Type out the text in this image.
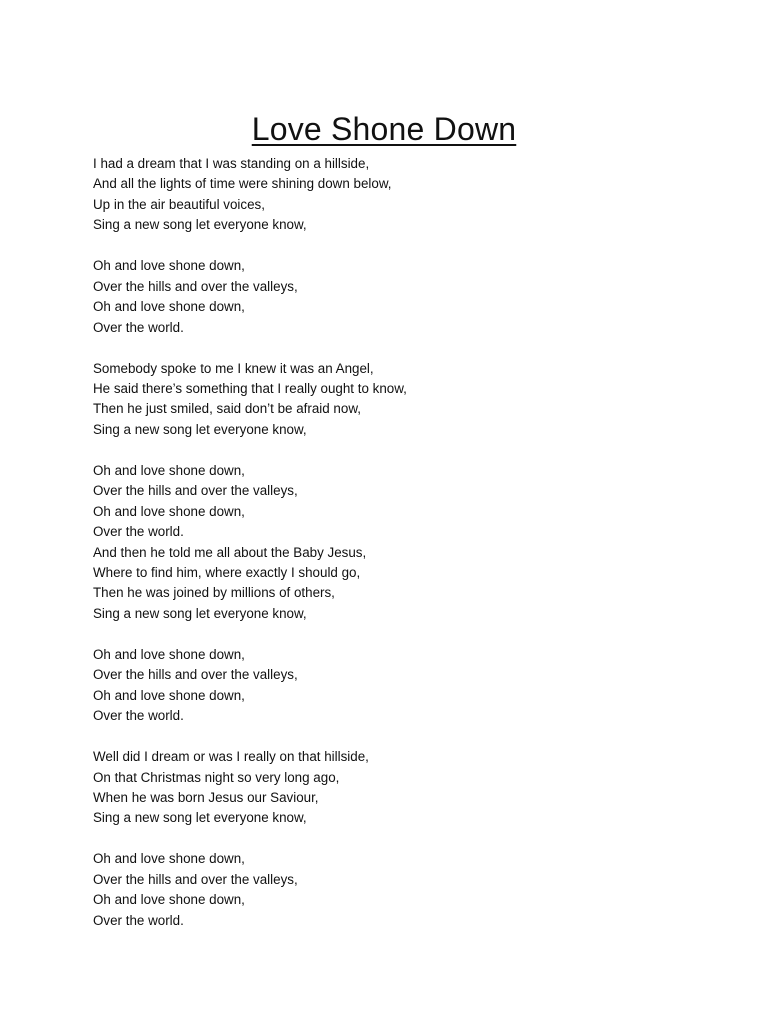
Love Shone Down
I had a dream that I was standing on a hillside,
And all the lights of time were shining down below,
Up in the air beautiful voices,
Sing a new song let everyone know,
Oh and love shone down,
Over the hills and over the valleys,
Oh and love shone down,
Over the world.
Somebody spoke to me I knew it was an Angel,
He said there’s something that I really ought to know,
Then he just smiled, said don’t be afraid now,
Sing a new song let everyone know,
Oh and love shone down,
Over the hills and over the valleys,
Oh and love shone down,
Over the world.
And then he told me all about the Baby Jesus,
Where to find him, where exactly I should go,
Then he was joined by millions of others,
Sing a new song let everyone know,
Oh and love shone down,
Over the hills and over the valleys,
Oh and love shone down,
Over the world.
Well did I dream or was I really on that hillside,
On that Christmas night so very long ago,
When he was born Jesus our Saviour,
Sing a new song let everyone know,
Oh and love shone down,
Over the hills and over the valleys,
Oh and love shone down,
Over the world.
